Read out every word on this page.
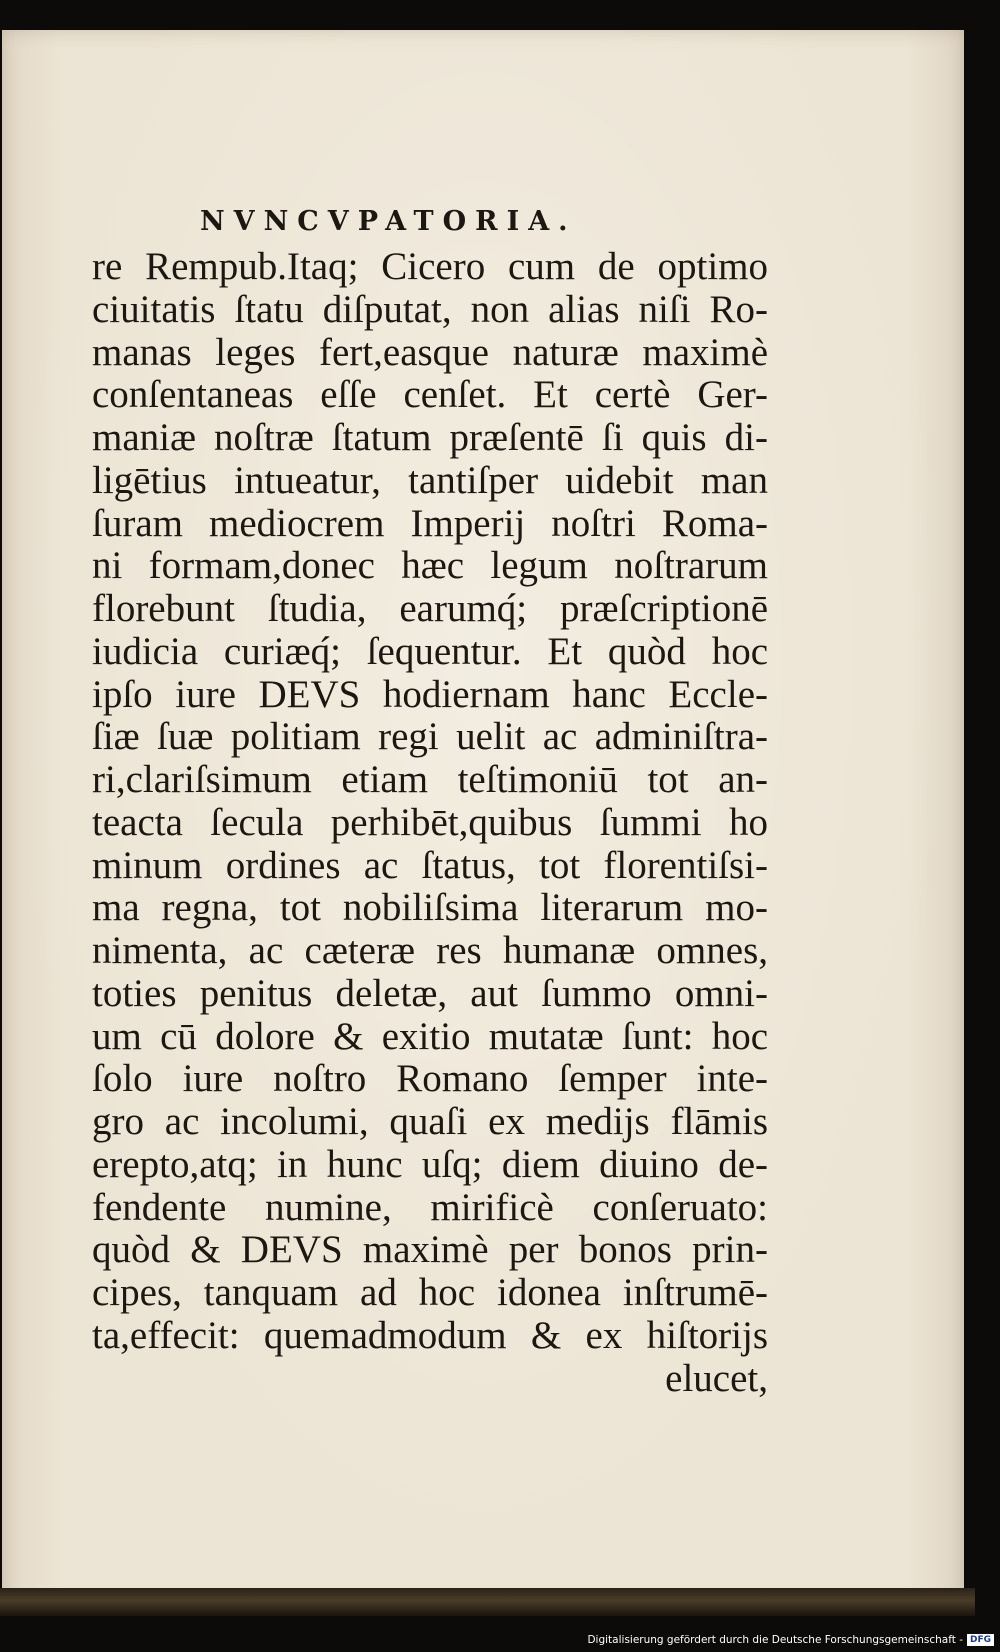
NVNCVPATORIA.
re Rempub.Itaq; Cicero cum de optimo
ciuitatis ſtatu diſputat, non alias niſi Ro-
manas leges fert,easque naturæ maximè
conſentaneas eſſe cenſet. Et certè Ger-
maniæ noſtræ ſtatum præſentē ſi quis di-
ligētius intueatur, tantiſper uidebit man
ſuram mediocrem Imperij noſtri Roma-
ni formam,donec hæc legum noſtrarum
florebunt ſtudia, earumq́; præſcriptionē
iudicia curiæq́; ſequentur. Et quòd hoc
ipſo iure DEVS hodiernam hanc Eccle-
ſiæ ſuæ politiam regi uelit ac adminiſtra-
ri,clariſsimum etiam teſtimoniū tot an-
teacta ſecula perhibēt,quibus ſummi ho
minum ordines ac ſtatus, tot florentiſsi-
ma regna, tot nobiliſsima literarum mo-
nimenta, ac cæteræ res humanæ omnes,
toties penitus deletæ, aut ſummo omni-
um cū dolore & exitio mutatæ ſunt: hoc
ſolo iure noſtro Romano ſemper inte-
gro ac incolumi, quaſi ex medijs flāmis
erepto,atq; in hunc uſq; diem diuino de-
fendente numine, mirificè conſeruato:
quòd & DEVS maximè per bonos prin-
cipes, tanquam ad hoc idonea inſtrumē-
ta,effecit: quemadmodum & ex hiſtorijs
elucet,
Digitalisierung gefördert durch die Deutsche Forschungsgemeinschaft - DFG
